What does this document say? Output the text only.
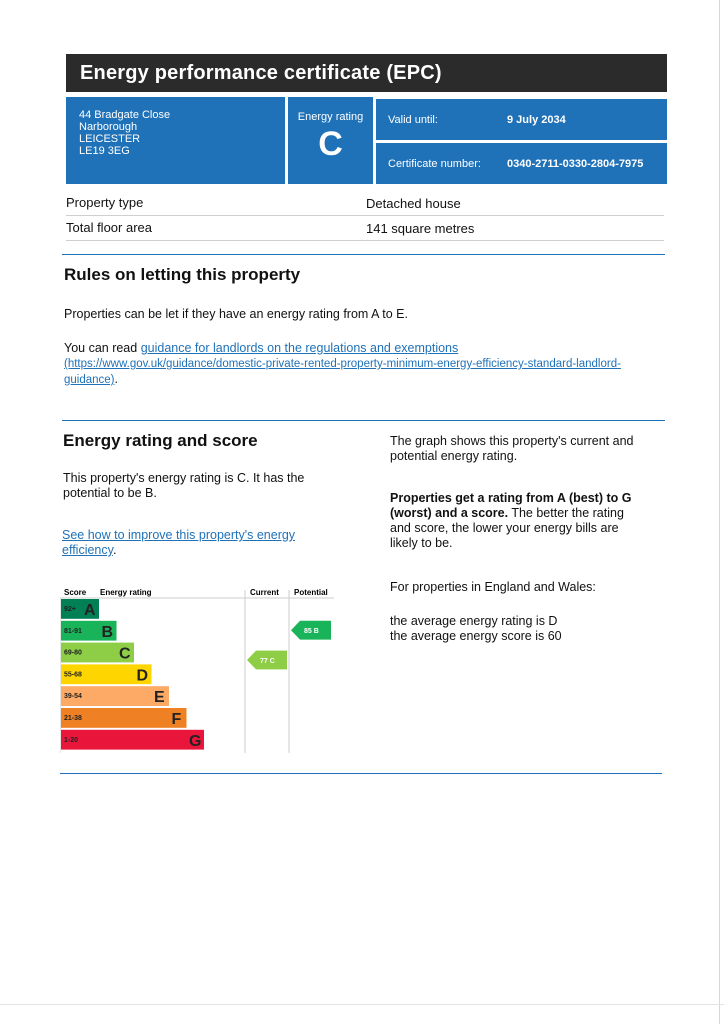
Energy performance certificate (EPC)
44 Bradgate Close
Narborough
LEICESTER
LE19 3EG
Energy rating
C
Valid until:	9 July 2034
Certificate number: 0340-2711-0330-2804-7975
Property type	Detached house
Total floor area	141 square metres
Rules on letting this property
Properties can be let if they have an energy rating from A to E.
You can read guidance for landlords on the regulations and exemptions
(https://www.gov.uk/guidance/domestic-private-rented-property-minimum-energy-efficiency-standard-landlord-
guidance).
Energy rating and score
This property's energy rating is C. It has the
potential to be B.
See how to improve this property's energy
efficiency.
The graph shows this property's current and
potential energy rating.
Properties get a rating from A (best) to G
(worst) and a score. The better the rating
and score, the lower your energy bills are
likely to be.
For properties in England and Wales:
the average energy rating is D
the average energy score is 60
Score Energy rating	Current Potential
92+ A
81-91 B
69-80 C
55-68	D
39-54	E
21-38	F
1-20	G
77 C
85 B
